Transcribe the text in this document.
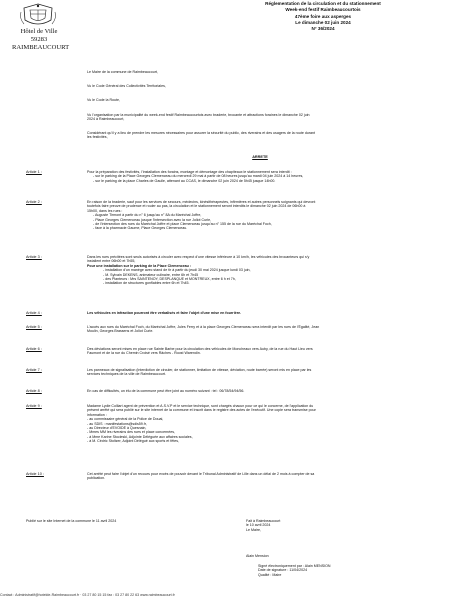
Réglementation de la circulation et du stationnement
Week-end festif Raimbeaucourtois
47ème foire aux asperges
Le dimanche 02 juin 2024
N° 36/2024
Hôtel de Ville
59283 RAIMBEAUCOURT

Le Maire de la commune de Raimbeaucourt,

Vu le Code Général des Collectivités Territoriales,

Vu le Code la Route,

Vu l'organisation par la municipalité du week-end festif Raimbeaucourtois avec braderie, brocante et attractions foraines le dimanche 02 juin

2024 à Raimbeaucourt,

Considérant qu'il y a lieu de prendre les mesures nécessaires pour assurer la sécurité du public, des riverains et des usagers de la route durant

les festivités,

ARRETE
Article 1 :	Pour la préparation des festivités, l'installation des forains, montage et démontage des chapiteaux le stationnement sera interdit :

- sur le parking de la Place Georges Clemenceau du mercredi 29 mai à partir de 08 heures jusqu'au mardi 04 juin 2024 à 14 heures,

- sur le parking de la place Charles de Gaulle, attenant au CCAS, le dimanche 02 juin 2024 de 5h45 jusque 14h00.

Article 2 :	En raison de la braderie, sauf pour les services de secours, médecins, kinésithérapeutes, infirmières et autres personnels soignants qui devront

toutefois faire preuve de prudence et rouler au pas, la circulation et le stationnement seront interdits le dimanche 02 juin 2024 de 06h00 à

15h00, dans les rues :

- Auguste Tirmont à partir du n° 6 jusqu'au n° 8A du Maréchal Joffre,

- Place Georges Clemenceau jusque l'intersection avec la rue Joliot Curie,

- de l'intersection des rues du Maréchal Joffre et place Clemenceau jusqu'au n° 155 de la rue du Maréchal Foch,

- face à la pharmacie Gaume, Place Georges Clemenceau.

Article 3 :	Dans les rues précitées sont seuls autorisés à circuler avec respect d'une vitesse inférieure à 10 km/h, les véhicules des brocanteurs qui s'y

installent entre 06h00 et 7h55,

Pour une installation sur le parking de la Place Clemenceau :

- installation d'un manège avec stand de tir à partir du jeudi 30 mai 2024 jusque lundi 03 juin,

- M. Sylvain DEKENS, animateur culinaire, entre 6h et 7h45

- des Planteurs : Mrs SAINTENOY, DESPLANQUE et MONTREUX, entre 6 h et 7h,

- installation de structures gonflables entre 6h et 7h45.

Article 4 :	Les véhicules en infraction pourront être verbalisés et faire l'objet d'une mise en fourrière.

Article 5 :	L'accès aux rues du Maréchal Foch, du Maréchal Joffre, Jules Ferry et à la place Georges Clemenceau sera interdit par les rues de l'Égalité, Jean

Moulin, Georges Brassens et Joliot Curie.

Article 6 :	Des déviations seront mises en place rue Sainte Barbe pour la circulation des véhicules de Moncheaux vers Auby, de la rue du Haut Lieu vers

Faumont et de la rue du Chemin Croisé vers Râches - Roost Warendin.

Article 7 :	Les panneaux de signalisation (interdiction de circuler, de stationner, limitation de vitesse, déviation, route barrée) seront mis en place par les

services techniques de la ville de Raimbeaucourt.

Article 8 :	En cas de difficultés, un élu de la commune peut être joint au numéro suivant : tel : 06/78/54/94/56.

Article 9 :	Madame Lydie Colliart agent de prévention et A.S.V.P et le service technique, sont chargés chacun pour ce qui le concerne, de l'application du

présent arrêté qui sera publié sur le site internet de la commune et inscrit dans le registre des actes de l'exécutif. Une copie sera transmise pour

information :

- au commissaire général de la Police de Douai,

- au SDIS : manifestations@sdis59.fr,

- au Directeur d'EVOIDÉ à Quesnain,

- Mmes MM les riverains des rues et place concernées,

- à Mme Karine Stocleski, Adjointe Déléguée aux affaires sociales,

- à M. Cédric Stoltzer, Adjoint Délégué aux sports et fêtes,

Article 10 :	Cet arrêté peut faire l'objet d'un recours pour excès de pouvoir devant le Tribunal Administratif de Lille dans un délai de 2 mois à compter de sa

publication.

Publié sur le site Internet de la commune le 11 avril 2024	Fait à Raimbeaucourt
le 10 avril 2024
Le Maire,
Alain Mension
Signé électroniquement par : Alain MENSION
Date de signature : 11/04/2024
Qualité : Maire
Contact : Administratif@hotelde-Raimbeaucourt.fr · 03 27 80 15 15 fax : 03 27 80 22 63 www.raimbeaucourt.fr
